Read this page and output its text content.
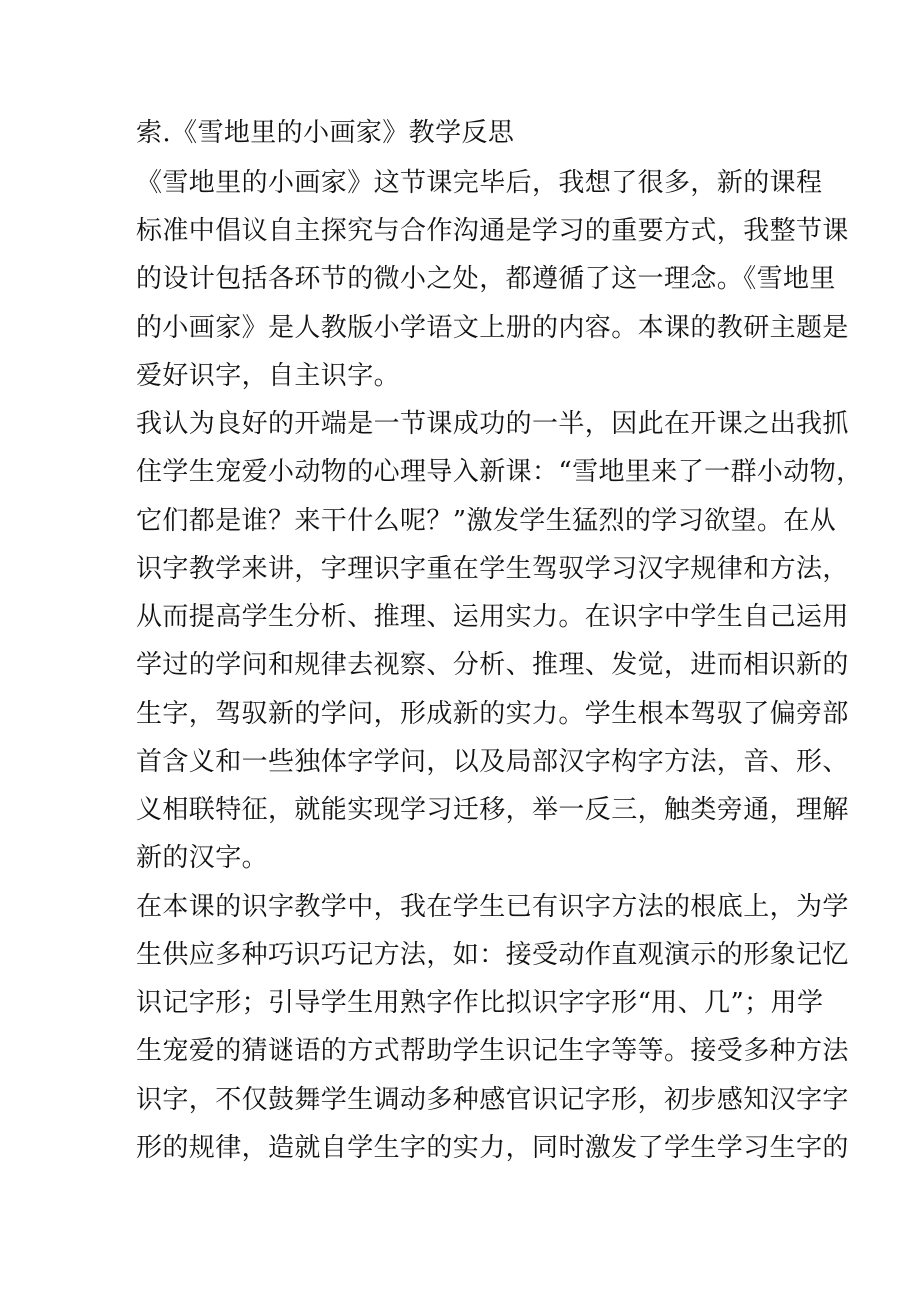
索.《雪地里的小画家》教学反思
《雪地里的小画家》这节课完毕后，我想了很多，新的课程
标准中倡议自主探究与合作沟通是学习的重要方式，我整节课
的设计包括各环节的微小之处，都遵循了这一理念。《雪地里
的小画家》是人教版小学语文上册的内容。本课的教研主题是
爱好识字，自主识字。
我认为良好的开端是一节课成功的一半，因此在开课之出我抓
住学生宠爱小动物的心理导入新课：“雪地里来了一群小动物，
它们都是谁？来干什么呢？”激发学生猛烈的学习欲望。在从
识字教学来讲，字理识字重在学生驾驭学习汉字规律和方法，
从而提高学生分析、推理、运用实力。在识字中学生自己运用
学过的学问和规律去视察、分析、推理、发觉，进而相识新的
生字，驾驭新的学问，形成新的实力。学生根本驾驭了偏旁部
首含义和一些独体字学问，以及局部汉字构字方法，音、形、
义相联特征，就能实现学习迁移，举一反三，触类旁通，理解
新的汉字。
在本课的识字教学中，我在学生已有识字方法的根底上，为学
生供应多种巧识巧记方法，如：接受动作直观演示的形象记忆
识记字形；引导学生用熟字作比拟识字字形“用、几”；用学
生宠爱的猜谜语的方式帮助学生识记生字等等。接受多种方法
识字，不仅鼓舞学生调动多种感官识记字形，初步感知汉字字
形的规律，造就自学生字的实力，同时激发了学生学习生字的
